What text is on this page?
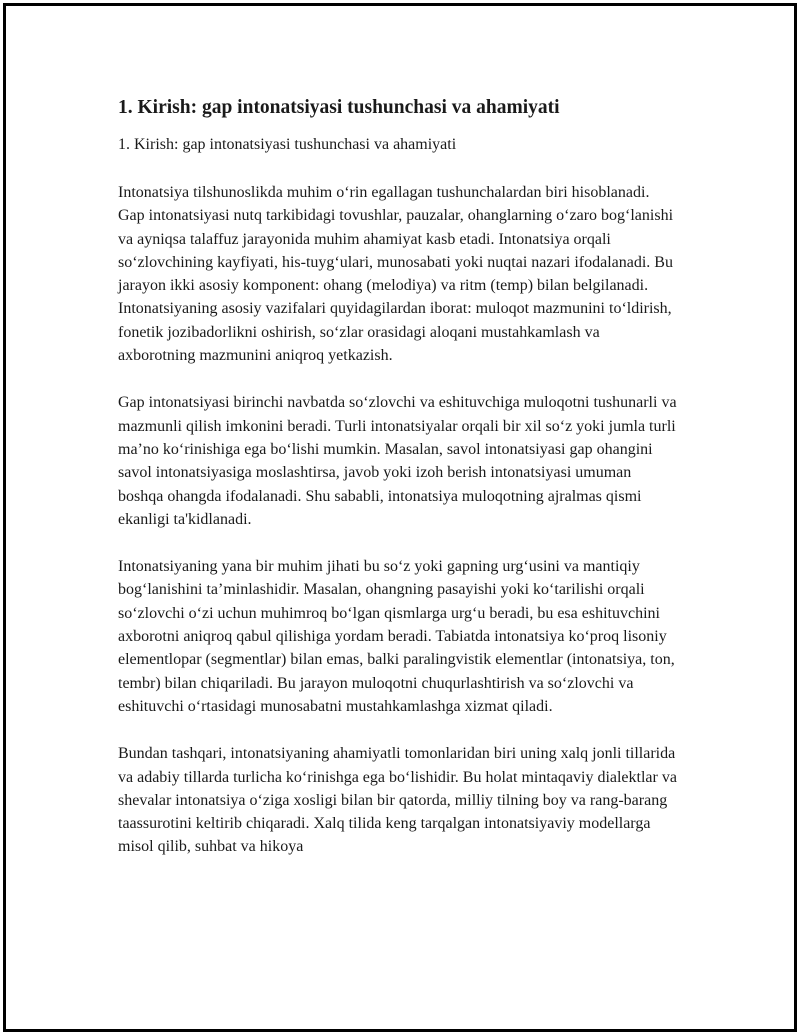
1. Kirish: gap intonatsiyasi tushunchasi va ahamiyati

1. Kirish: gap intonatsiyasi tushunchasi va ahamiyati

Intonatsiya tilshunoslikda muhim o‘rin egallagan tushunchalardan biri hisoblanadi. Gap intonatsiyasi nutq tarkibidagi tovushlar, pauzalar, ohanglarning o‘zaro bog‘lanishi va ayniqsa talaffuz jarayonida muhim ahamiyat kasb etadi. Intonatsiya orqali so‘zlovchining kayfiyati, his-tuyg‘ulari, munosabati yoki nuqtai nazari ifodalanadi. Bu jarayon ikki asosiy komponent: ohang (melodiya) va ritm (temp) bilan belgilanadi. Intonatsiyaning asosiy vazifalari quyidagilardan iborat: muloqot mazmunini to‘ldirish, fonetik jozibadorlikni oshirish, so‘zlar orasidagi aloqani mustahkamlash va axborotning mazmunini aniqroq yetkazish.

Gap intonatsiyasi birinchi navbatda so‘zlovchi va eshituvchiga muloqotni tushunarli va mazmunli qilish imkonini beradi. Turli intonatsiyalar orqali bir xil so‘z yoki jumla turli ma’no ko‘rinishiga ega bo‘lishi mumkin. Masalan, savol intonatsiyasi gap ohangini savol intonatsiyasiga moslashtirsa, javob yoki izoh berish intonatsiyasi umuman boshqa ohangda ifodalanadi. Shu sababli, intonatsiya muloqotning ajralmas qismi ekanligi ta'kidlanadi.

Intonatsiyaning yana bir muhim jihati bu so‘z yoki gapning urg‘usini va mantiqiy bog‘lanishini ta’minlashidir. Masalan, ohangning pasayishi yoki ko‘tarilishi orqali so‘zlovchi o‘zi uchun muhimroq bo‘lgan qismlarga urg‘u beradi, bu esa eshituvchini axborotni aniqroq qabul qilishiga yordam beradi. Tabiatda intonatsiya ko‘proq lisoniy elementlopar (segmentlar) bilan emas, balki paralingvistik elementlar (intonatsiya, ton, tembr) bilan chiqariladi. Bu jarayon muloqotni chuqurlashtirish va so‘zlovchi va eshituvchi o‘rtasidagi munosabatni mustahkamlashga xizmat qiladi.

Bundan tashqari, intonatsiyaning ahamiyatli tomonlaridan biri uning xalq jonli tillarida va adabiy tillarda turlicha ko‘rinishga ega bo‘lishidir. Bu holat mintaqaviy dialektlar va shevalar intonatsiya o‘ziga xosligi bilan bir qatorda, milliy tilning boy va rang-barang taassurotini keltirib chiqaradi. Xalq tilida keng tarqalgan intonatsiyaviy modellarga misol qilib, suhbat va hikoya
